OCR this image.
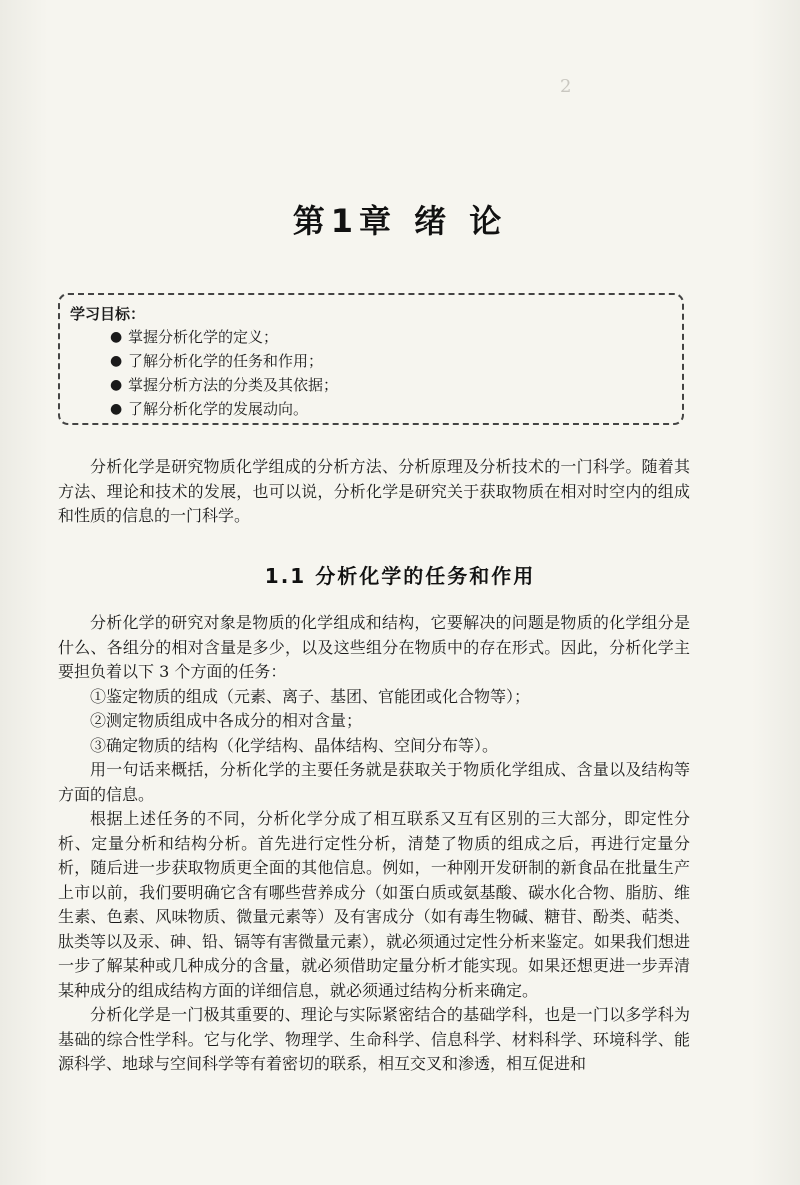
2
第1章 绪 论

学习目标：

● 掌握分析化学的定义；
● 了解分析化学的任务和作用；
● 掌握分析方法的分类及其依据；
● 了解分析化学的发展动向。

分析化学是研究物质化学组成的分析方法、分析原理及分析技术的一门科学。随着其方法、理论和技术的发展，也可以说，分析化学是研究关于获取物质在相对时空内的组成和性质的信息的一门科学。

1.1 分析化学的任务和作用

分析化学的研究对象是物质的化学组成和结构，它要解决的问题是物质的化学组分是什么、各组分的相对含量是多少，以及这些组分在物质中的存在形式。因此，分析化学主要担负着以下 3 个方面的任务：

①鉴定物质的组成（元素、离子、基团、官能团或化合物等）；

②测定物质组成中各成分的相对含量；

③确定物质的结构（化学结构、晶体结构、空间分布等）。

用一句话来概括，分析化学的主要任务就是获取关于物质化学组成、含量以及结构等方面的信息。

根据上述任务的不同，分析化学分成了相互联系又互有区别的三大部分，即定性分析、定量分析和结构分析。首先进行定性分析，清楚了物质的组成之后，再进行定量分析，随后进一步获取物质更全面的其他信息。例如，一种刚开发研制的新食品在批量生产上市以前，我们要明确它含有哪些营养成分（如蛋白质或氨基酸、碳水化合物、脂肪、维生素、色素、风味物质、微量元素等）及有害成分（如有毒生物碱、糖苷、酚类、萜类、肽类等以及汞、砷、铅、镉等有害微量元素），就必须通过定性分析来鉴定。如果我们想进一步了解某种或几种成分的含量，就必须借助定量分析才能实现。如果还想更进一步弄清某种成分的组成结构方面的详细信息，就必须通过结构分析来确定。

分析化学是一门极其重要的、理论与实际紧密结合的基础学科，也是一门以多学科为基础的综合性学科。它与化学、物理学、生命科学、信息科学、材料科学、环境科学、能源科学、地球与空间科学等有着密切的联系，相互交叉和渗透，相互促进和
